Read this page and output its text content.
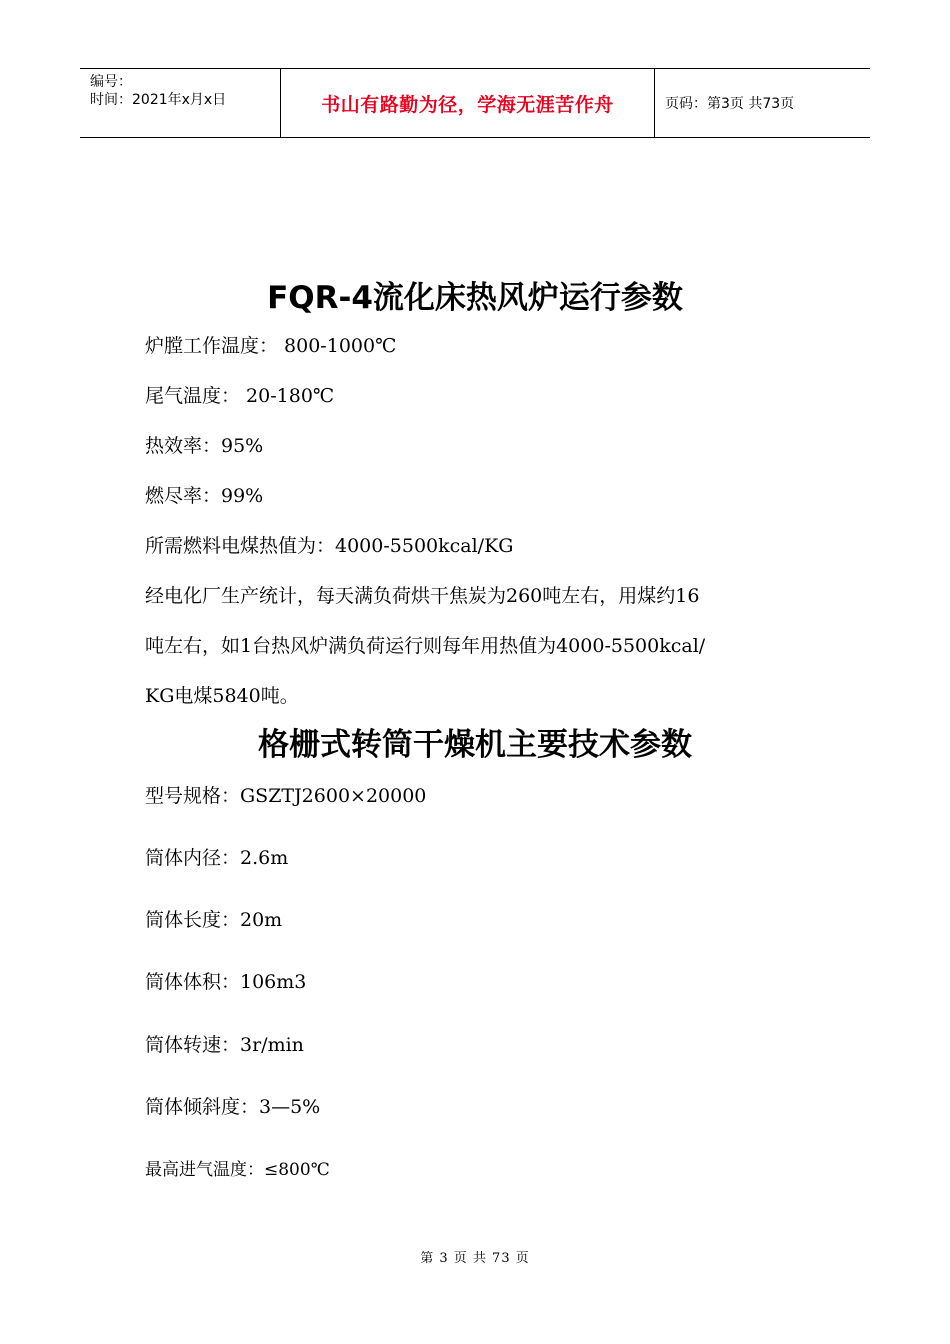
编号：
时间：2021年x月x日	书山有路勤为径，学海无涯苦作舟	页码：第3页 共73页
FQR-4流化床热风炉运行参数
炉膛工作温度： 800-1000℃
尾气温度： 20-180℃
热效率：95%
燃尽率：99%
所需燃料电煤热值为：4000-5500kcal/KG
经电化厂生产统计，每天满负荷烘干焦炭为260吨左右，用煤约16
吨左右，如1台热风炉满负荷运行则每年用热值为4000-5500kcal/
KG电煤5840吨。
格栅式转筒干燥机主要技术参数
型号规格：GSZTJ2600×20000
筒体内径：2.6m
筒体长度：20m
筒体体积：106m3
筒体转速：3r/min
筒体倾斜度：3—5%
最高进气温度：≤800℃
第 3 页 共 73 页
